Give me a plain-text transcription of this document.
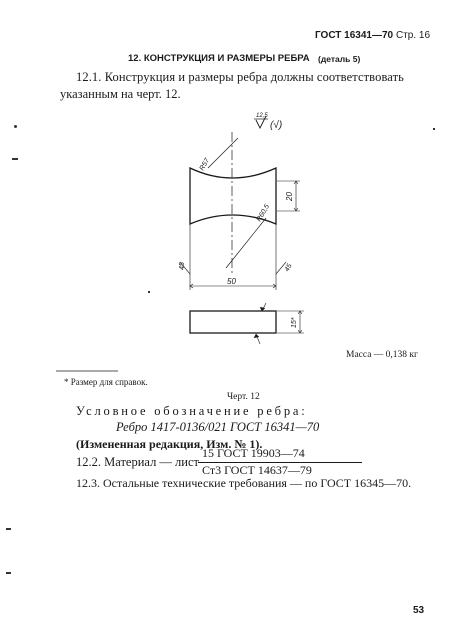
ГОСТ 16341—70 Стр. 16
12. КОНСТРУКЦИЯ И РАЗМЕРЫ РЕБРА (деталь 5)
12.1. Конструкция и размеры ребра должны соответствовать
указанным на черт. 12.
12,5
(√)
R57
R60,5
20
50
45	45
15*
Масса — 0,138 кг
* Размер для справок.
Черт. 12
Условное обозначение ребра:
Ребро 1417-0136/021 ГОСТ 16341—70
(Измененная редакция, Изм. № 1).
12.2. Материал — лист
15 ГОСТ 19903—74
Ст3 ГОСТ 14637—79
12.3. Остальные технические требования — по ГОСТ 16345—70.
53
